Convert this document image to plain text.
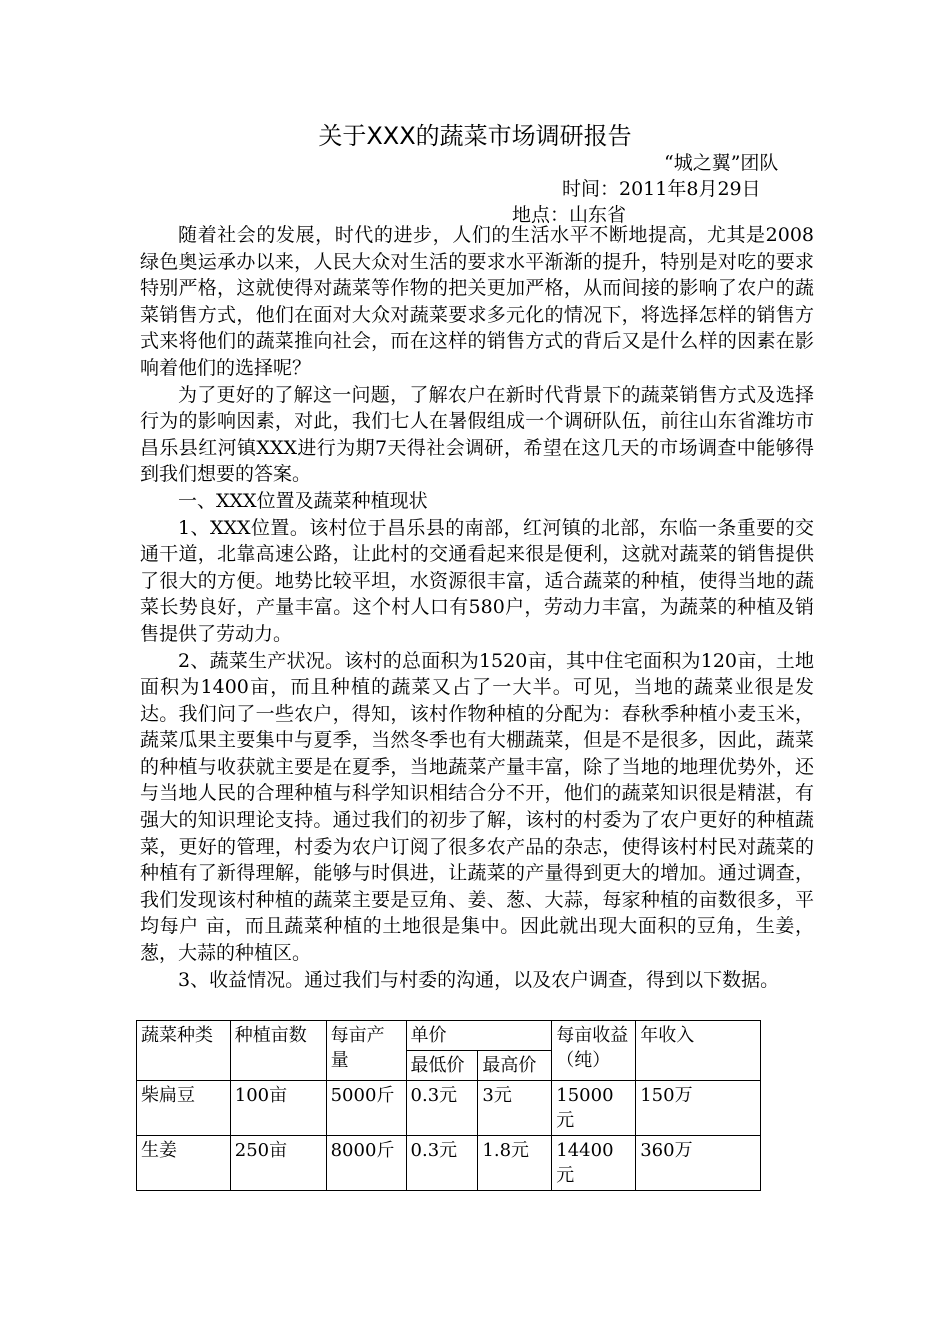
关于XXX的蔬菜市场调研报告
“城之翼”团队
时间：2011年8月29日
地点：山东省

随着社会的发展，时代的进步，人们的生活水平不断地提高，尤其是2008绿色奥运承办以来，人民大众对生活的要求水平渐渐的提升，特别是对吃的要求特别严格，这就使得对蔬菜等作物的把关更加严格，从而间接的影响了农户的蔬菜销售方式，他们在面对大众对蔬菜要求多元化的情况下，将选择怎样的销售方式来将他们的蔬菜推向社会，而在这样的销售方式的背后又是什么样的因素在影响着他们的选择呢？

为了更好的了解这一问题，了解农户在新时代背景下的蔬菜销售方式及选择行为的影响因素，对此，我们七人在暑假组成一个调研队伍，前往山东省潍坊市昌乐县红河镇XXX进行为期7天得社会调研，希望在这几天的市场调查中能够得到我们想要的答案。

一、XXX位置及蔬菜种植现状

1、XXX位置。该村位于昌乐县的南部，红河镇的北部，东临一条重要的交通干道，北靠高速公路，让此村的交通看起来很是便利，这就对蔬菜的销售提供了很大的方便。地势比较平坦，水资源很丰富，适合蔬菜的种植，使得当地的蔬菜长势良好，产量丰富。这个村人口有580户，劳动力丰富，为蔬菜的种植及销售提供了劳动力。

2、蔬菜生产状况。该村的总面积为1520亩，其中住宅面积为120亩，土地面积为1400亩，而且种植的蔬菜又占了一大半。可见，当地的蔬菜业很是发达。我们问了一些农户，得知，该村作物种植的分配为：春秋季种植小麦玉米，蔬菜瓜果主要集中与夏季，当然冬季也有大棚蔬菜，但是不是很多，因此，蔬菜的种植与收获就主要是在夏季，当地蔬菜产量丰富，除了当地的地理优势外，还与当地人民的合理种植与科学知识相结合分不开，他们的蔬菜知识很是精湛，有强大的知识理论支持。通过我们的初步了解，该村的村委为了农户更好的种植蔬菜，更好的管理，村委为农户订阅了很多农产品的杂志，使得该村村民对蔬菜的种植有了新得理解，能够与时俱进，让蔬菜的产量得到更大的增加。通过调查，我们发现该村种植的蔬菜主要是豆角、姜、葱、大蒜，每家种植的亩数很多，平均每户 亩，而且蔬菜种植的土地很是集中。因此就出现大面积的豆角，生姜，葱，大蒜的种植区。

3、收益情况。通过我们与村委的沟通，以及农户调查，得到以下数据。

蔬菜种类	种植亩数	每亩产量	单价		每亩收益（纯）	年收入
			最低价	最高价		
柴扁豆	100亩	5000斤	0.3元	3元	15000元	150万
生姜	250亩	8000斤	0.3元	1.8元	14400元	360万
